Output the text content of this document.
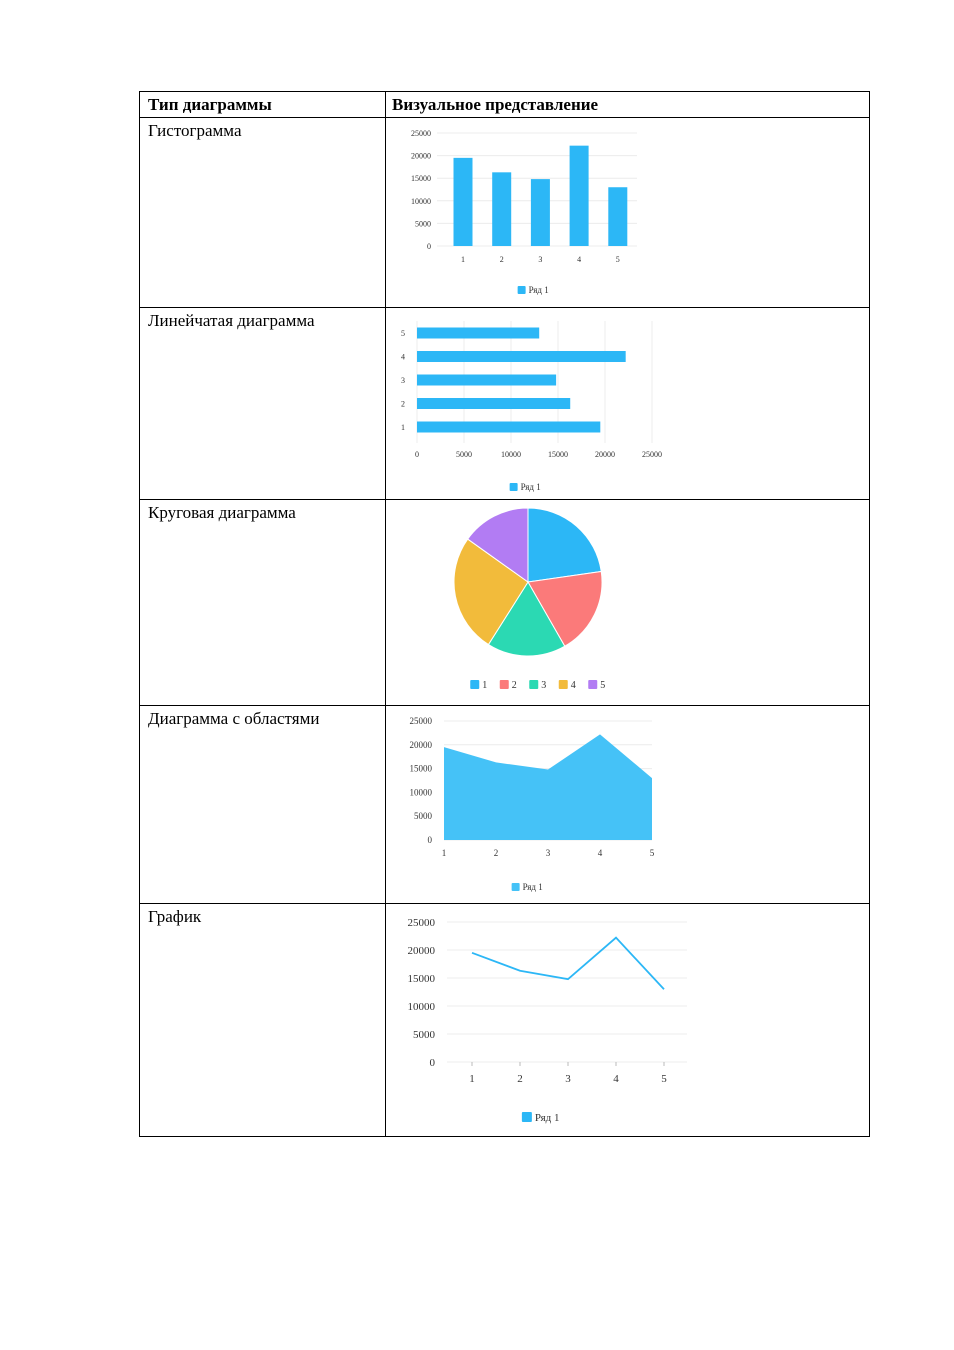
Тип диаграммы	Визуальное представление
Гистограмма
0
5000
10000
15000
20000
25000
1	2	3	4	5
Ряд 1
Линейчатая диаграмма
0	5000	10000	15000	20000	25000
1
2
3
4
5
Ряд 1
Круговая диаграмма
1 2 3 4 5
Диаграмма с областями
0
5000
10000
15000
20000
25000
1	2	3	4	5
Ряд 1
График
0
5000
10000
15000
20000
25000
1	2	3	4	5
Ряд 1
